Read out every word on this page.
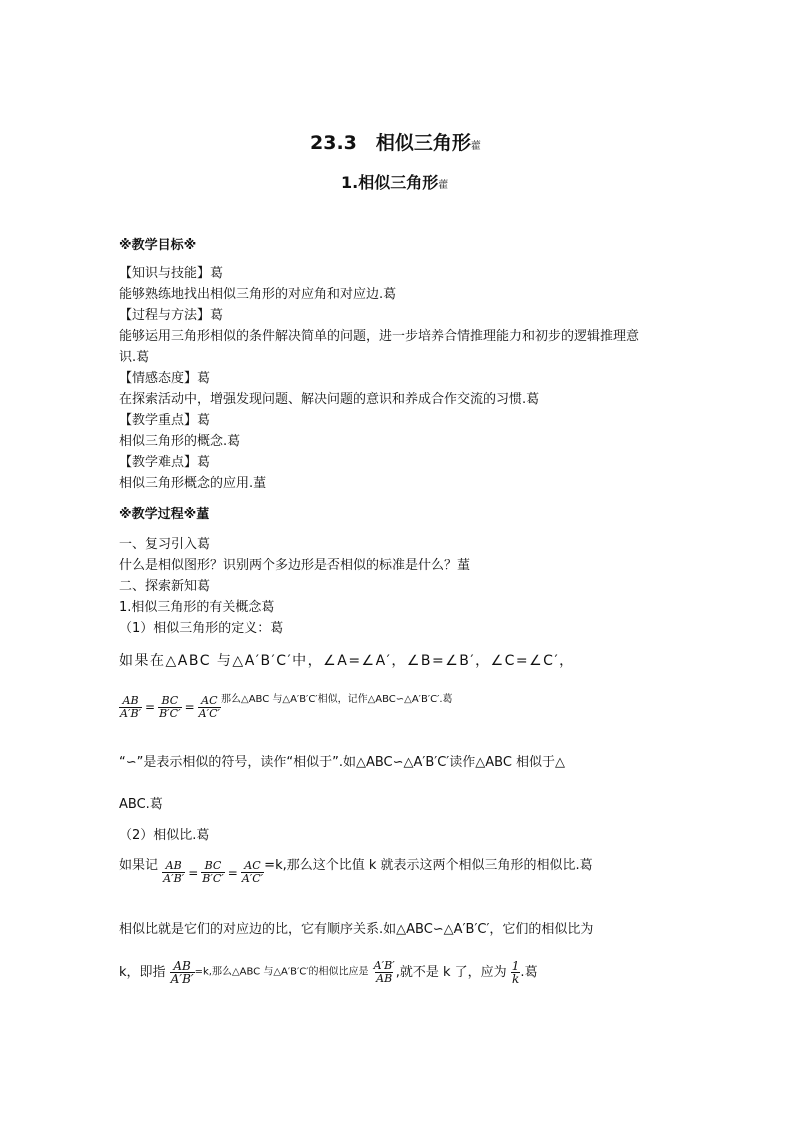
23.3　相似三角形藿
1.相似三角形藿
※教学目标※
【知识与技能】葛
能够熟练地找出相似三角形的对应角和对应边.葛
【过程与方法】葛
能够运用三角形相似的条件解决简单的问题，进一步培养合情推理能力和初步的逻辑推理意
识.葛
【情感态度】葛
在探索活动中，增强发现问题、解决问题的意识和养成合作交流的习惯.葛
【教学重点】葛
相似三角形的概念.葛
【教学难点】葛
相似三角形概念的应用.蓳
※教学过程※蓳
一、复习引入葛
什么是相似图形？识别两个多边形是否相似的标准是什么？蓳
二、探索新知葛
1.相似三角形的有关概念葛
（1）相似三角形的定义：葛
如果在△ABC 与△A′B′C′中，∠A=∠A′，∠B=∠B′，∠C=∠C′，
$\frac{AB}{A'B'} = \frac{BC}{B'C'} = \frac{AC}{A'C'}$ 那么△ABC 与△A′B′C′相似，记作△ABC∽△A′B′C′.葛
“∽”是表示相似的符号，读作“相似于”.如△ABC∽△A′B′C′读作△ABC 相似于△
ABC.葛
（2）相似比.葛
如果记 $\frac{AB}{A'B'} = \frac{BC}{B'C'} = \frac{AC}{A'C'} =k$,那么这个比值 k 就表示这两个相似三角形的相似比.葛
相似比就是它们的对应边的比，它有顺序关系.如△ABC∽△A′B′C′，它们的相似比为
k，即指 $\frac{AB}{A'B'} =k$,那么△ABC 与△A′B′C′的相似比应是 $\frac{A'B'}{AB}$ ,就不是 k 了，应为 $\frac{1}{k}$ .葛
